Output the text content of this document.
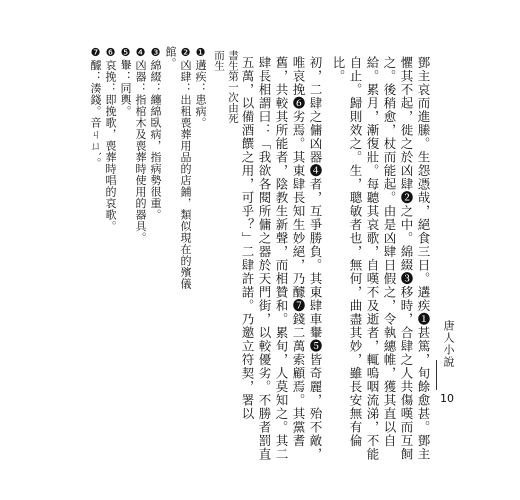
唐人小說
10

鄧主哀而進縢。生怨憑哉，絕食三日。遘疾❶甚篤，旬餘愈甚。鄧主懼其不起，徙之於凶肆❷之中。綿綴❸移時，合肆之人共傷嘆而互飼之。後稍愈，杖而能起。由是凶肆日假之，令執繐帷，獲其直以自給。累月，漸復壯。每聽其哀歌，自嘆不及逝者，輒嗚咽流涕，不能自止。歸則效之。生，聰敏者也，無何，曲盡其妙，雖長安無有倫比。

初，二肆之傭凶器❹者，互爭勝負。其東肆車轝❺皆奇麗，殆不敵，唯哀挽❻劣焉。其東肆長知生妙絕，乃醵❼錢二萬索顧焉。其黨耆舊，共較其所能者，陰教生新聲，而相贊和。累旬，人莫知之。其二肆長相謂曰：「我欲各閱所傭之器於天門街，以較優劣。不勝者罰直五萬，以備酒饌之用，可乎？」二肆許諾。乃邀立符契，署以

書生第一次由死
而生
❶遘疾：患病。
❷凶肆：出租喪葬用品的店鋪，類似現在的殯儀館。
❸綿綴：纏綿臥病，指病勢很重。
❹凶器：指棺木及喪葬時使用的器具。
❺轝：同輿。
❻哀挽：即挽歌，喪葬時唱的哀歌。
❼醵：湊錢。音ㄐㄩˋ。
